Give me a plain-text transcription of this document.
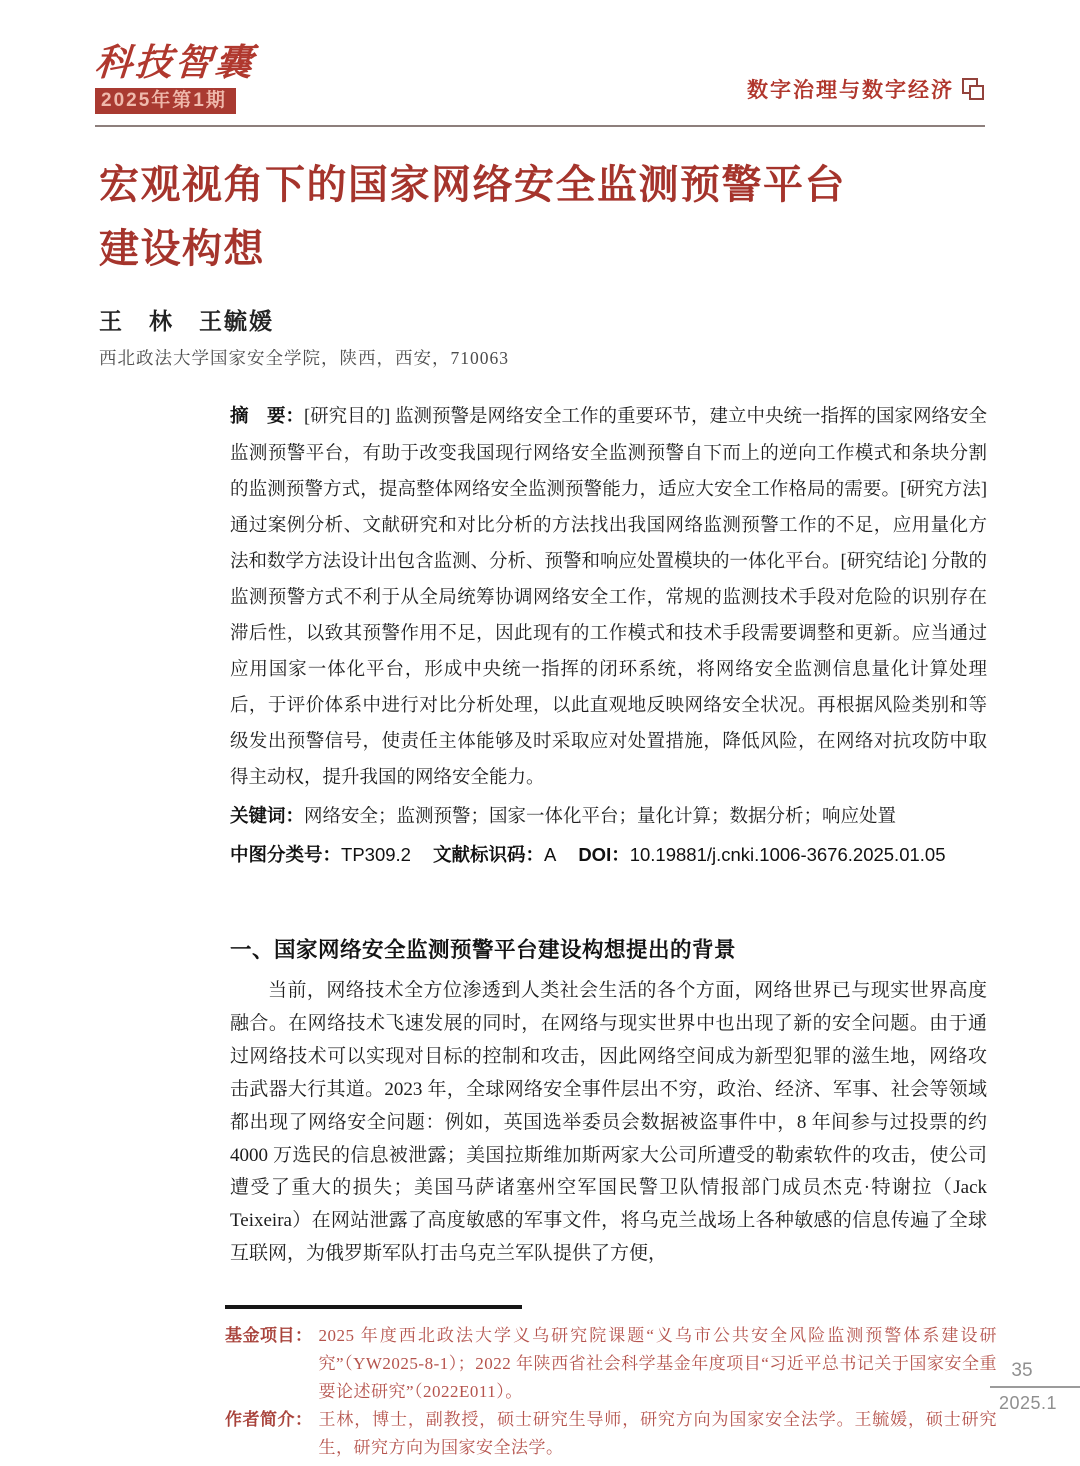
科技智囊
2025年第1期	数字治理与数字经济
宏观视角下的国家网络安全监测预警平台
建设构想
王　林　王毓媛
西北政法大学国家安全学院，陕西，西安，710063

摘　要：[研究目的] 监测预警是网络安全工作的重要环节，建立中央统一指挥的国家网络安全监测预警平台，有助于改变我国现行网络安全监测预警自下而上的逆向工作模式和条块分割的监测预警方式，提高整体网络安全监测预警能力，适应大安全工作格局的需要。[研究方法] 通过案例分析、文献研究和对比分析的方法找出我国网络监测预警工作的不足，应用量化方法和数学方法设计出包含监测、分析、预警和响应处置模块的一体化平台。[研究结论] 分散的监测预警方式不利于从全局统筹协调网络安全工作，常规的监测技术手段对危险的识别存在滞后性，以致其预警作用不足，因此现有的工作模式和技术手段需要调整和更新。应当通过应用国家一体化平台，形成中央统一指挥的闭环系统，将网络安全监测信息量化计算处理后，于评价体系中进行对比分析处理，以此直观地反映网络安全状况。再根据风险类别和等级发出预警信号，使责任主体能够及时采取应对处置措施，降低风险，在网络对抗攻防中取得主动权，提升我国的网络安全能力。

关键词：网络安全；监测预警；国家一体化平台；量化计算；数据分析；响应处置

中图分类号：TP309.2 文献标识码：A DOI：10.19881/j.cnki.1006-3676.2025.01.05

一、国家网络安全监测预警平台建设构想提出的背景

当前，网络技术全方位渗透到人类社会生活的各个方面，网络世界已与现实世界高度融合。在网络技术飞速发展的同时，在网络与现实世界中也出现了新的安全问题。由于通过网络技术可以实现对目标的控制和攻击，因此网络空间成为新型犯罪的滋生地，网络攻击武器大行其道。2023 年，全球网络安全事件层出不穷，政治、经济、军事、社会等领域都出现了网络安全问题：例如，英国选举委员会数据被盗事件中，8 年间参与过投票的约 4000 万选民的信息被泄露；美国拉斯维加斯两家大公司所遭受的勒索软件的攻击，使公司遭受了重大的损失；美国马萨诸塞州空军国民警卫队情报部门成员杰克·特谢拉（Jack Teixeira）在网站泄露了高度敏感的军事文件，将乌克兰战场上各种敏感的信息传遍了全球互联网，为俄罗斯军队打击乌克兰军队提供了方便，

基金项目： 2025 年度西北政法大学义乌研究院课题“义乌市公共安全风险监测预警体系建设研究”（YW2025-8-1）；2022 年陕西省社会科学基金年度项目“习近平总书记关于国家安全重要论述研究”（2022E011）。
作者简介： 王林，博士，副教授，硕士研究生导师，研究方向为国家安全法学。王毓媛，硕士研究生，研究方向为国家安全法学。
35
2025.1
